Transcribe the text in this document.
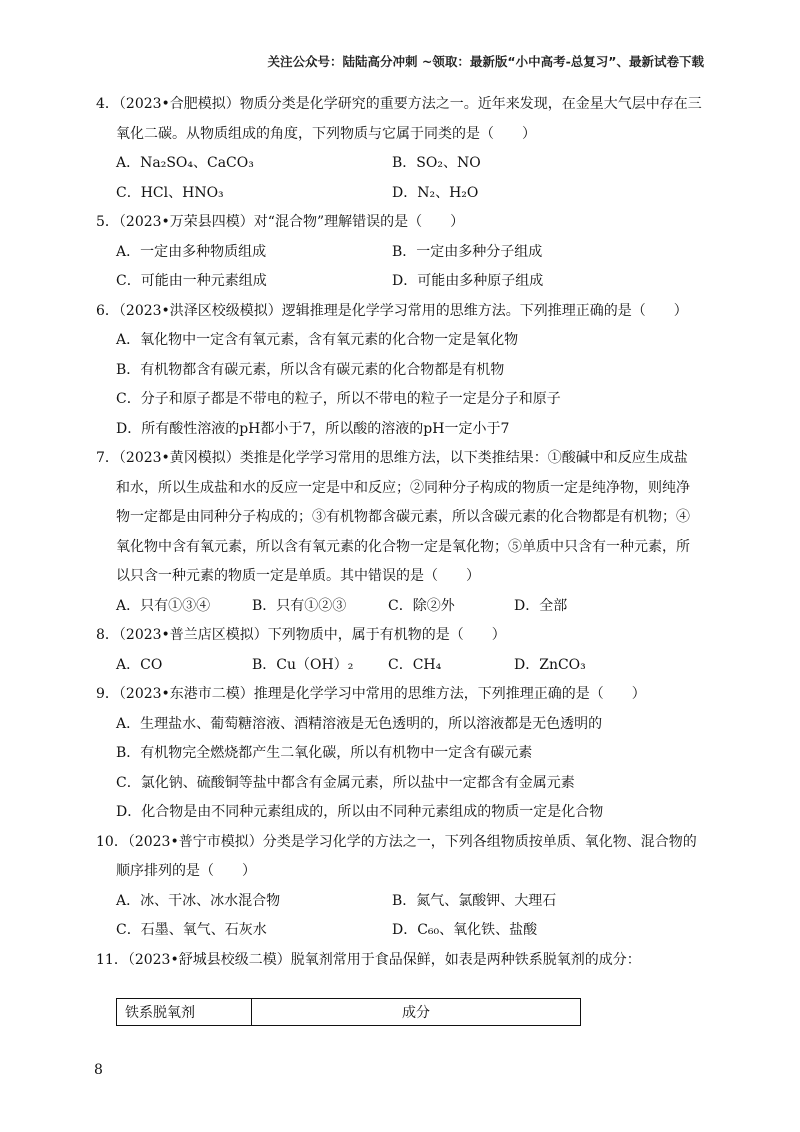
关注公众号：陆陆高分冲刺 ~领取：最新版“小中高考-总复习”、最新试卷下载
4．（2023•合肥模拟）物质分类是化学研究的重要方法之一。近年来发现，在金星大气层中存在三
氧化二碳。从物质组成的角度，下列物质与它属于同类的是（　　）
A．Na₂SO₄、CaCO₃	B．SO₂、NO
C．HCl、HNO₃	D．N₂、H₂O
5．（2023•万荣县四模）对“混合物”理解错误的是（　　）
A．一定由多种物质组成	B．一定由多种分子组成
C．可能由一种元素组成	D．可能由多种原子组成
6．（2023•洪泽区校级模拟）逻辑推理是化学学习常用的思维方法。下列推理正确的是（　　）
A．氧化物中一定含有氧元素，含有氧元素的化合物一定是氧化物
B．有机物都含有碳元素，所以含有碳元素的化合物都是有机物
C．分子和原子都是不带电的粒子，所以不带电的粒子一定是分子和原子
D．所有酸性溶液的pH都小于7，所以酸的溶液的pH一定小于7
7．（2023•黄冈模拟）类推是化学学习常用的思维方法，以下类推结果：①酸碱中和反应生成盐
和水，所以生成盐和水的反应一定是中和反应；②同种分子构成的物质一定是纯净物，则纯净
物一定都是由同种分子构成的；③有机物都含碳元素，所以含碳元素的化合物都是有机物；④
氧化物中含有氧元素，所以含有氧元素的化合物一定是氧化物；⑤单质中只含有一种元素，所
以只含一种元素的物质一定是单质。其中错误的是（　　）
A．只有①③④	B．只有①②③	C．除②外	D．全部
8．（2023•普兰店区模拟）下列物质中，属于有机物的是（　　）
A．CO	B．Cu（OH）₂	C．CH₄	D．ZnCO₃
9．（2023•东港市二模）推理是化学学习中常用的思维方法，下列推理正确的是（　　）
A．生理盐水、葡萄糖溶液、酒精溶液是无色透明的，所以溶液都是无色透明的
B．有机物完全燃烧都产生二氧化碳，所以有机物中一定含有碳元素
C．氯化钠、硫酸铜等盐中都含有金属元素，所以盐中一定都含有金属元素
D．化合物是由不同种元素组成的，所以由不同种元素组成的物质一定是化合物
10．（2023•普宁市模拟）分类是学习化学的方法之一，下列各组物质按单质、氧化物、混合物的
顺序排列的是（　　）
A．冰、干冰、冰水混合物	B．氮气、氯酸钾、大理石
C．石墨、氧气、石灰水	D．C₆₀、氧化铁、盐酸
11．（2023•舒城县校级二模）脱氧剂常用于食品保鲜，如表是两种铁系脱氧剂的成分：
铁系脱氧剂	成分
8
